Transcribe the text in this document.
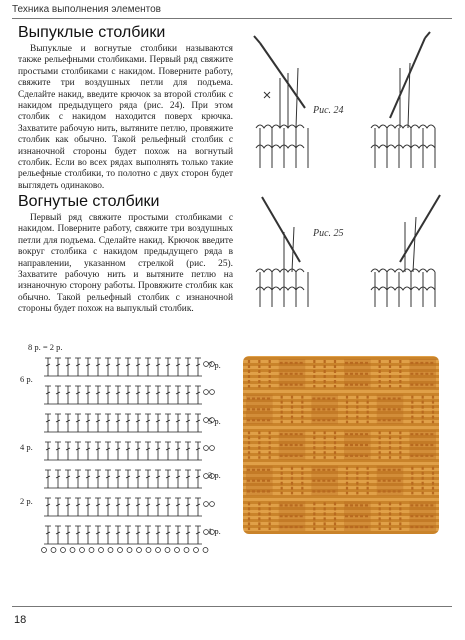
Техника выполнения элементов
Выпуклые столбики

Выпуклые и вогнутые столбики называются также рельефными столбиками. Первый ряд свяжите простыми столбиками с накидом. Поверните работу, свяжите три воздушных петли для подъема. Сделайте накид, введите крючок за второй столбик с накидом предыдущего ряда (рис. 24). При этом столбик с накидом находится поверх крючка. Захватите рабочую нить, вытяните петлю, провяжите столбик как обычно. Такой рельефный столбик с изнаночной стороны будет похож на вогнутый столбик. Если во всех рядах выполнять только такие рельефные столбики, то полотно с двух сторон будет выглядеть одинаково.

Рис. 24
Вогнутые столбики

Первый ряд свяжите простыми столбиками с накидом. Поверните работу, свяжите три воздушных петли для подъема. Сделайте накид. Крючок введите вокруг столбика с накидом предыдущего ряда в направлении, указанном стрелкой (рис. 25). Захватите рабочую нить и вытяните петлю на изнаночную сторону работы. Провяжите столбик как обычно. Такой рельефный столбик с изнаночной стороны будет похож на выпуклый столбик.

Рис. 25
8 р. = 2 р.
6 р.
4 р.
2 р.
7 р.
5 р.
3 р.
1 р.
18
